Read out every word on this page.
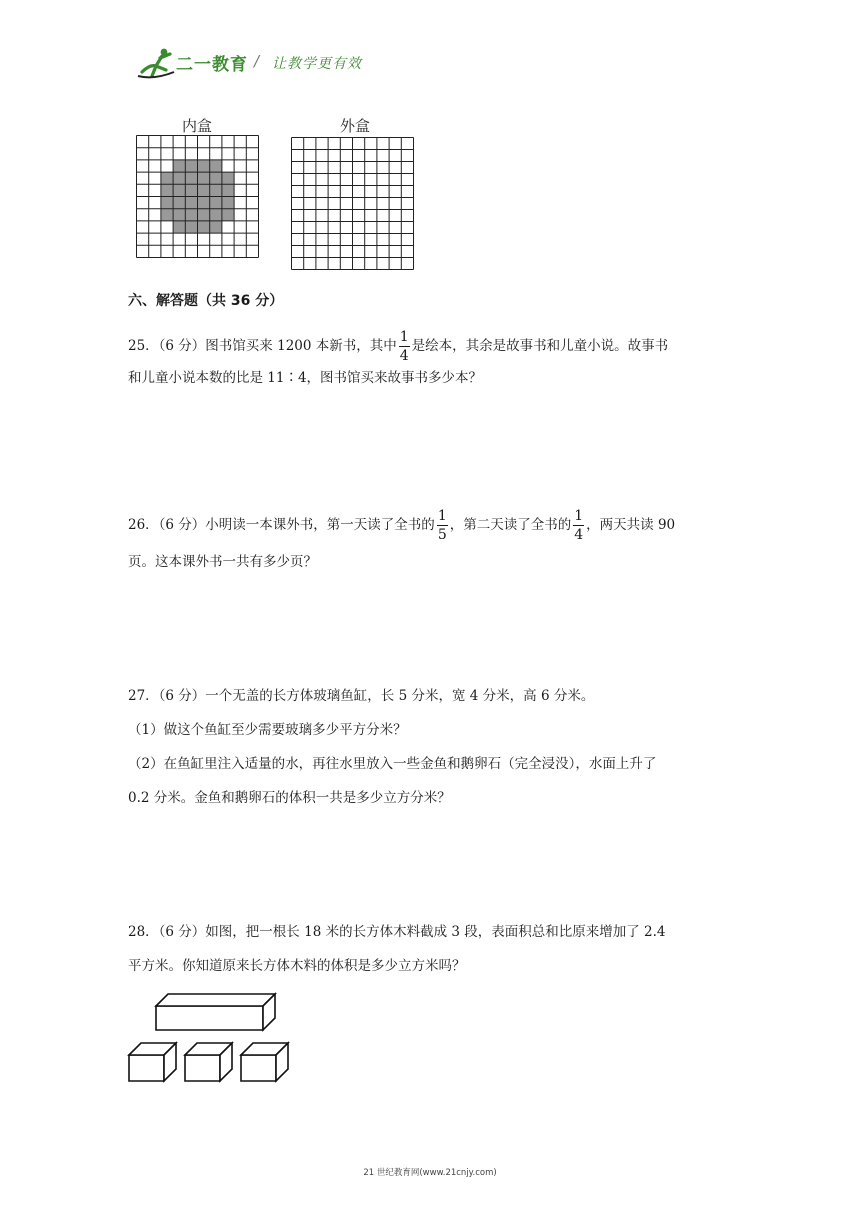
二一教育 / 让教学更有效
内盒	外盒
六、解答题（共 36 分）
25．（6 分）图书馆买来 1200 本新书，其中 $\frac{1}{4}$ 是绘本，其余是故事书和儿童小说。故事书
和儿童小说本数的比是 11∶4，图书馆买来故事书多少本？
26．（6 分）小明读一本课外书，第一天读了全书的 $\frac{1}{5}$ ，第二天读了全书的 $\frac{1}{4}$ ，两天共读 90
页。这本课外书一共有多少页？
27．（6 分）一个无盖的长方体玻璃鱼缸，长 5 分米，宽 4 分米，高 6 分米。
（1）做这个鱼缸至少需要玻璃多少平方分米？
（2）在鱼缸里注入适量的水，再往水里放入一些金鱼和鹅卵石（完全浸没），水面上升了
0.2 分米。金鱼和鹅卵石的体积一共是多少立方分米？
28．（6 分）如图，把一根长 18 米的长方体木料截成 3 段，表面积总和比原来增加了 2.4
平方米。你知道原来长方体木料的体积是多少立方米吗？
21 世纪教育网(www.21cnjy.com)
